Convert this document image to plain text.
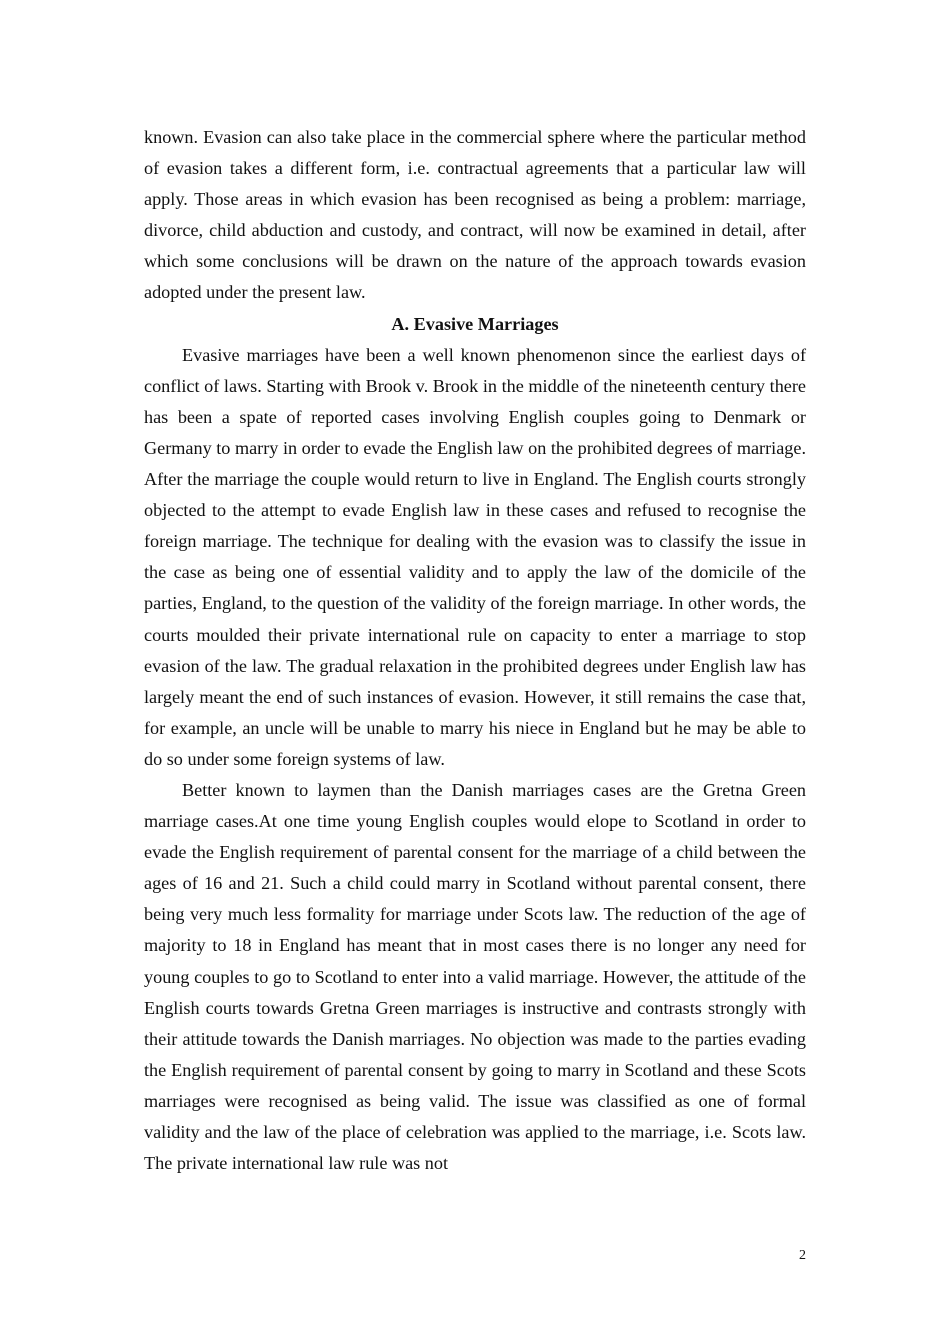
known. Evasion can also take place in the commercial sphere where the particular method of evasion takes a different form, i.e. contractual agreements that a particular law will apply. Those areas in which evasion has been recognised as being a problem: marriage, divorce, child abduction and custody, and contract, will now be examined in detail, after which some conclusions will be drawn on the nature of the approach towards evasion adopted under the present law.

A. Evasive Marriages

Evasive marriages have been a well known phenomenon since the earliest days of conflict of laws. Starting with Brook v. Brook in the middle of the nineteenth century there has been a spate of reported cases involving English couples going to Denmark or Germany to marry in order to evade the English law on the prohibited degrees of marriage. After the marriage the couple would return to live in England. The English courts strongly objected to the attempt to evade English law in these cases and refused to recognise the foreign marriage. The technique for dealing with the evasion was to classify the issue in the case as being one of essential validity and to apply the law of the domicile of the parties, England, to the question of the validity of the foreign marriage. In other words, the courts moulded their private international rule on capacity to enter a marriage to stop evasion of the law. The gradual relaxation in the prohibited degrees under English law has largely meant the end of such instances of evasion. However, it still remains the case that, for example, an uncle will be unable to marry his niece in England but he may be able to do so under some foreign systems of law.

Better known to laymen than the Danish marriages cases are the Gretna Green marriage cases.At one time young English couples would elope to Scotland in order to evade the English requirement of parental consent for the marriage of a child between the ages of 16 and 21. Such a child could marry in Scotland without parental consent, there being very much less formality for marriage under Scots law. The reduction of the age of majority to 18 in England has meant that in most cases there is no longer any need for young couples to go to Scotland to enter into a valid marriage. However, the attitude of the English courts towards Gretna Green marriages is instructive and contrasts strongly with their attitude towards the Danish marriages. No objection was made to the parties evading the English requirement of parental consent by going to marry in Scotland and these Scots marriages were recognised as being valid. The issue was classified as one of formal validity and the law of the place of celebration was applied to the marriage, i.e. Scots law. The private international law rule was not

2
